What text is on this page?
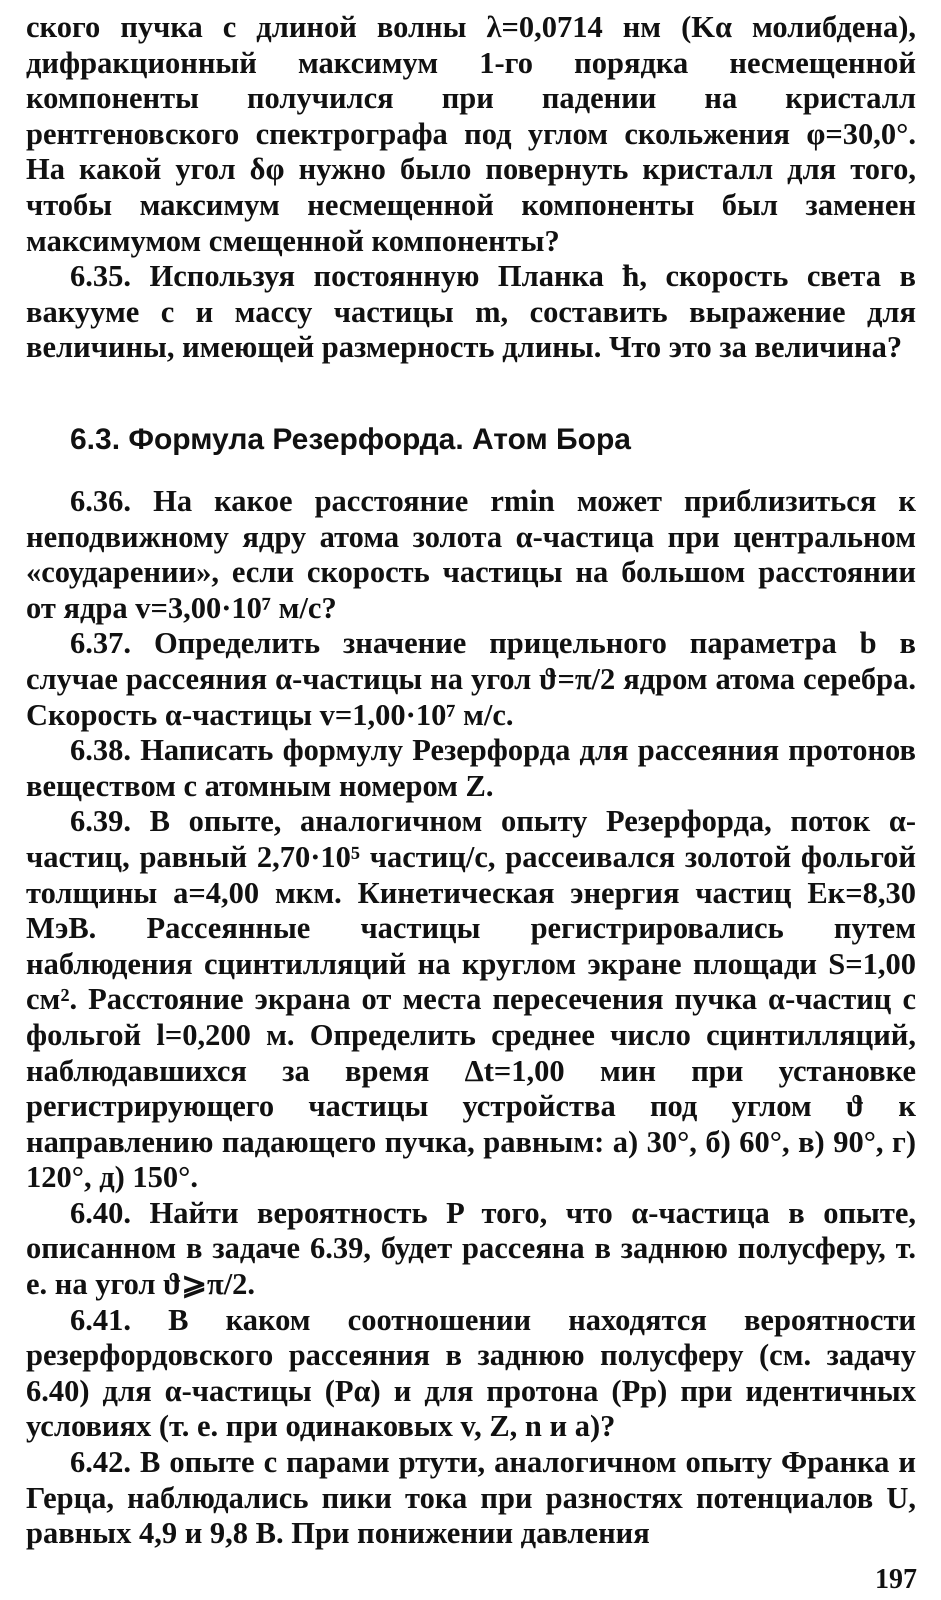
ского пучка с длиной волны λ=0,0714 нм (Kα молибдена), дифракционный максимум 1-го порядка несмещенной компоненты получился при падении на кристалл рентгеновского спектрографа под углом скольжения φ=30,0°. На какой угол δφ нужно было повернуть кристалл для того, чтобы максимум несмещенной компоненты был заменен максимумом смещенной компоненты?

6.35. Используя постоянную Планка ħ, скорость света в вакууме c и массу частицы m, составить выражение для величины, имеющей размерность длины. Что это за величина?

6.3. Формула Резерфорда. Атом Бора

6.36. На какое расстояние rmin может приблизиться к неподвижному ядру атома золота α-частица при центральном «соударении», если скорость частицы на большом расстоянии от ядра v=3,00·10⁷ м/с?

6.37. Определить значение прицельного параметра b в случае рассеяния α-частицы на угол ϑ=π/2 ядром атома серебра. Скорость α-частицы v=1,00·10⁷ м/с.

6.38. Написать формулу Резерфорда для рассеяния протонов веществом с атомным номером Z.

6.39. В опыте, аналогичном опыту Резерфорда, поток α-частиц, равный 2,70·10⁵ частиц/с, рассеивался золотой фольгой толщины a=4,00 мкм. Кинетическая энергия частиц Eк=8,30 МэВ. Рассеянные частицы регистрировались путем наблюдения сцинтилляций на круглом экране площади S=1,00 см². Расстояние экрана от места пересечения пучка α-частиц с фольгой l=0,200 м. Определить среднее число сцинтилляций, наблюдавшихся за время Δt=1,00 мин при установке регистрирующего частицы устройства под углом ϑ к направлению падающего пучка, равным: а) 30°, б) 60°, в) 90°, г) 120°, д) 150°.

6.40. Найти вероятность P того, что α-частица в опыте, описанном в задаче 6.39, будет рассеяна в заднюю полусферу, т. е. на угол ϑ⩾π/2.

6.41. В каком соотношении находятся вероятности резерфордовского рассеяния в заднюю полусферу (см. задачу 6.40) для α-частицы (Pα) и для протона (Pp) при идентичных условиях (т. е. при одинаковых v, Z, n и a)?

6.42. В опыте с парами ртути, аналогичном опыту Франка и Герца, наблюдались пики тока при разностях потенциалов U, равных 4,9 и 9,8 В. При понижении давления

197
